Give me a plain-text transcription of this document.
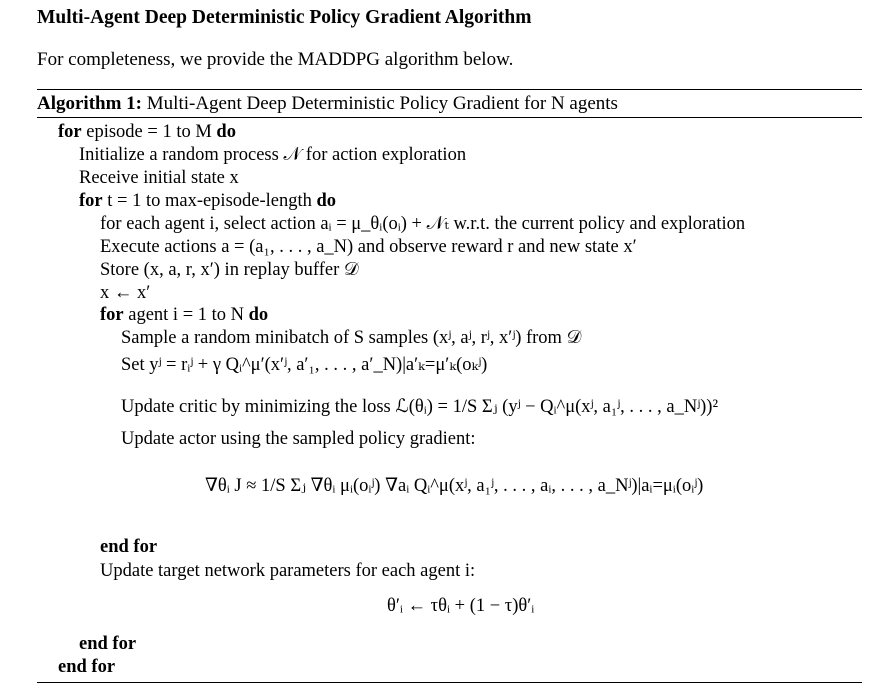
Multi-Agent Deep Deterministic Policy Gradient Algorithm
For completeness, we provide the MADDPG algorithm below.
Algorithm 1: Multi-Agent Deep Deterministic Policy Gradient for N agents
for episode = 1 to M do
Initialize a random process 𝒩 for action exploration
Receive initial state x
for t = 1 to max-episode-length do
for each agent i, select action aᵢ = μ_θᵢ(oᵢ) + 𝒩ₜ w.r.t. the current policy and exploration
Execute actions a = (a₁, . . . , a_N) and observe reward r and new state x′
Store (x, a, r, x′) in replay buffer 𝒟
x ← x′
for agent i = 1 to N do
Sample a random minibatch of S samples (xʲ, aʲ, rʲ, x′ʲ) from 𝒟
Set yʲ = rᵢʲ + γ Qᵢ^μ′(x′ʲ, a′₁, . . . , a′_N)|a′ₖ=μ′ₖ(oₖʲ)
Update critic by minimizing the loss ℒ(θᵢ) = 1/S Σⱼ (yʲ − Qᵢ^μ(xʲ, a₁ʲ, . . . , a_Nʲ))²
Update actor using the sampled policy gradient:
∇θᵢ J ≈ 1/S Σⱼ ∇θᵢ μᵢ(oᵢʲ) ∇aᵢ Qᵢ^μ(xʲ, a₁ʲ, . . . , aᵢ, . . . , a_Nʲ)|aᵢ=μᵢ(oᵢʲ)
end for
Update target network parameters for each agent i:
θ′ᵢ ← τθᵢ + (1 − τ)θ′ᵢ
end for
end for
